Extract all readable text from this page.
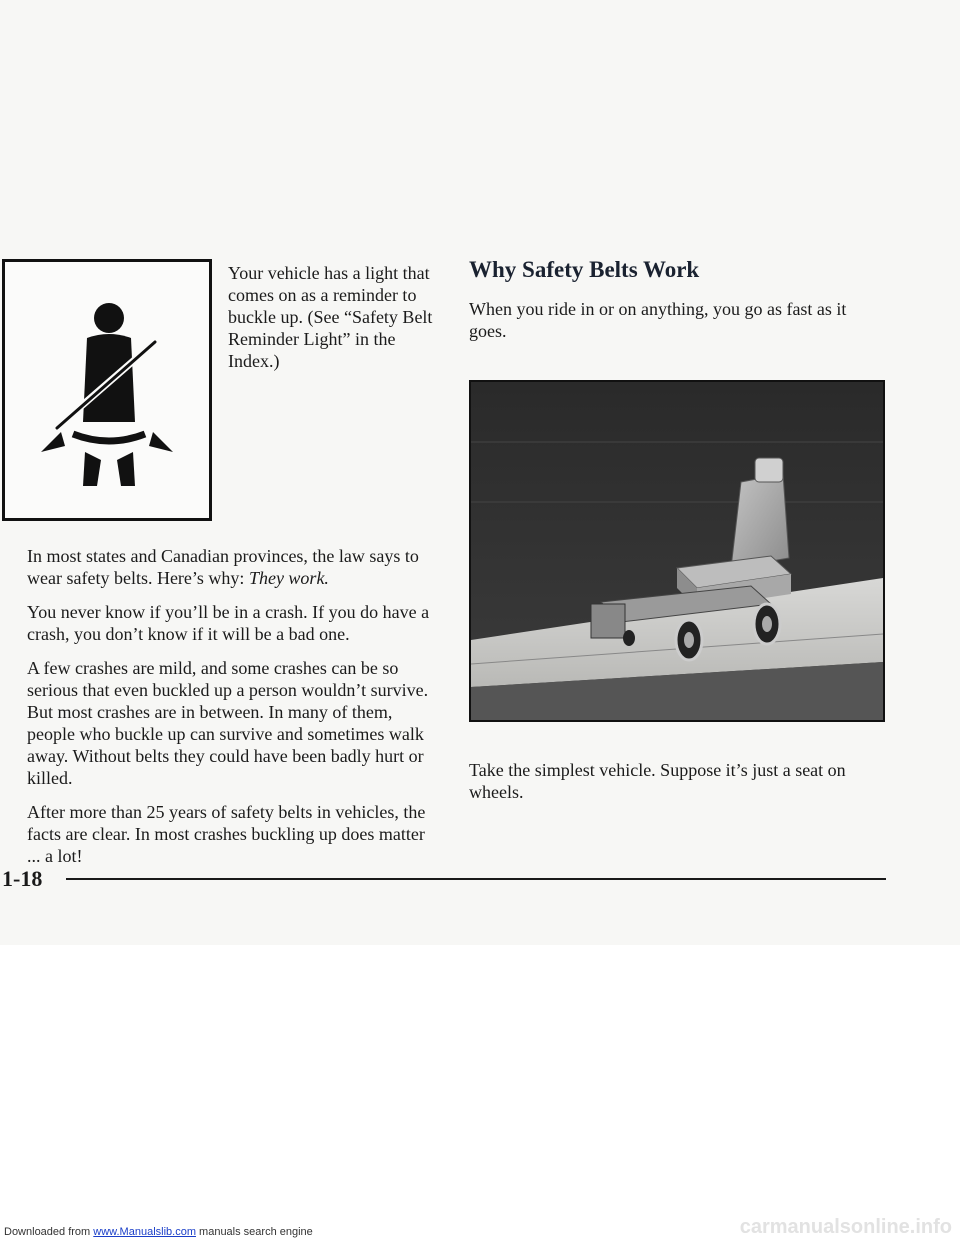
Your vehicle has a light that comes on as a reminder to buckle up. (See “Safety Belt Reminder Light” in the Index.)

In most states and Canadian provinces, the law says to wear safety belts. Here’s why: They work.

You never know if you’ll be in a crash. If you do have a crash, you don’t know if it will be a bad one.

A few crashes are mild, and some crashes can be so serious that even buckled up a person wouldn’t survive. But most crashes are in between. In many of them, people who buckle up can survive and sometimes walk away. Without belts they could have been badly hurt or killed.

After more than 25 years of safety belts in vehicles, the facts are clear. In most crashes buckling up does matter ... a lot!

Why Safety Belts Work

When you ride in or on anything, you go as fast as it goes.

Take the simplest vehicle. Suppose it’s just a seat on wheels.

1-18

Downloaded from www.Manualslib.com manuals search engine	carmanualsonline.info
